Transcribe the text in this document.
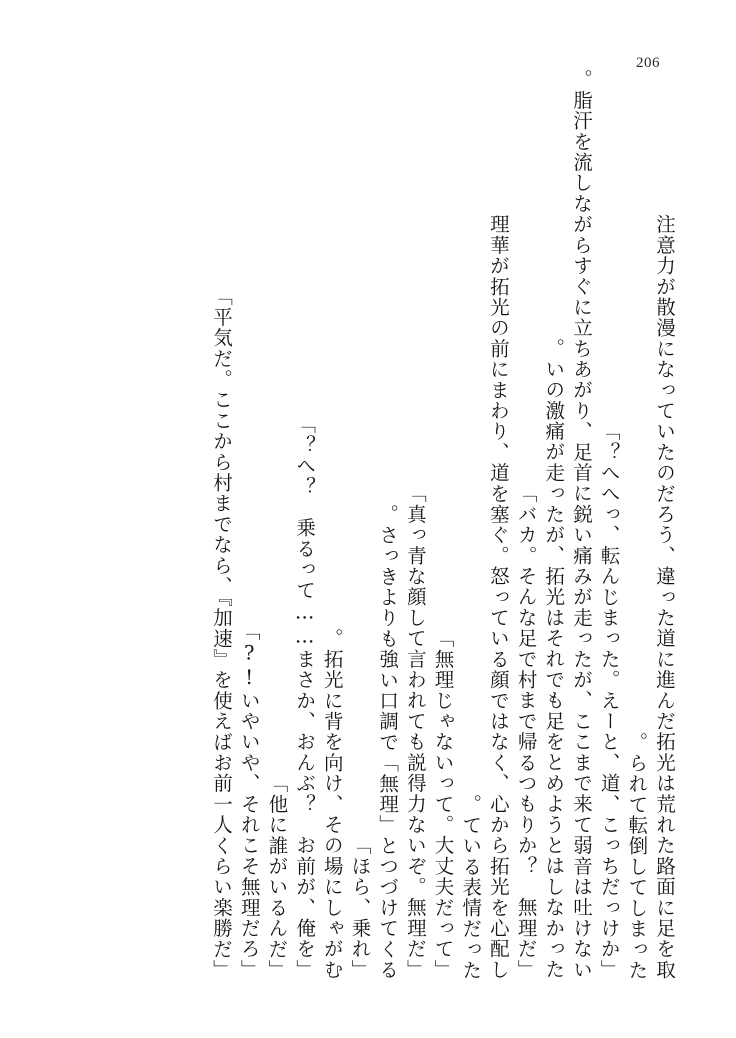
206
注意力が散漫になっていたのだろう、違った道に進んだ拓光は荒れた路面に足を取
られて転倒してしまった。
「へへっ、転んじまった。えーと、道、こっちだっけか？」
脂汗を流しながらすぐに立ちあがり、足首に鋭い痛みが走ったが、ここまで来て弱音は吐けない。
いの激痛が走ったが、拓光はそれでも足をとめようとはしなかった。
「バカ。そんな足で村まで帰るつもりか？　無理だ」
理華が拓光の前にまわり、道を塞ぐ。怒っている顔ではなく、心から拓光を心配し
ている表情だった。
「無理じゃないって。大丈夫だって」
「真っ青な顔して言われても説得力ないぞ。無理だ」
さっきよりも強い口調で「無理」とつづけてくる。
「ほら、乗れ」
拓光に背を向け、その場にしゃがむ。
「へ？　乗るって……まさか、おんぶ？　お前が、俺を？」
「他に誰がいるんだ」
「いやいや、それこそ無理だろ!?」
「平気だ。ここから村までなら、『加速』を使えばお前一人くらい楽勝だ」
